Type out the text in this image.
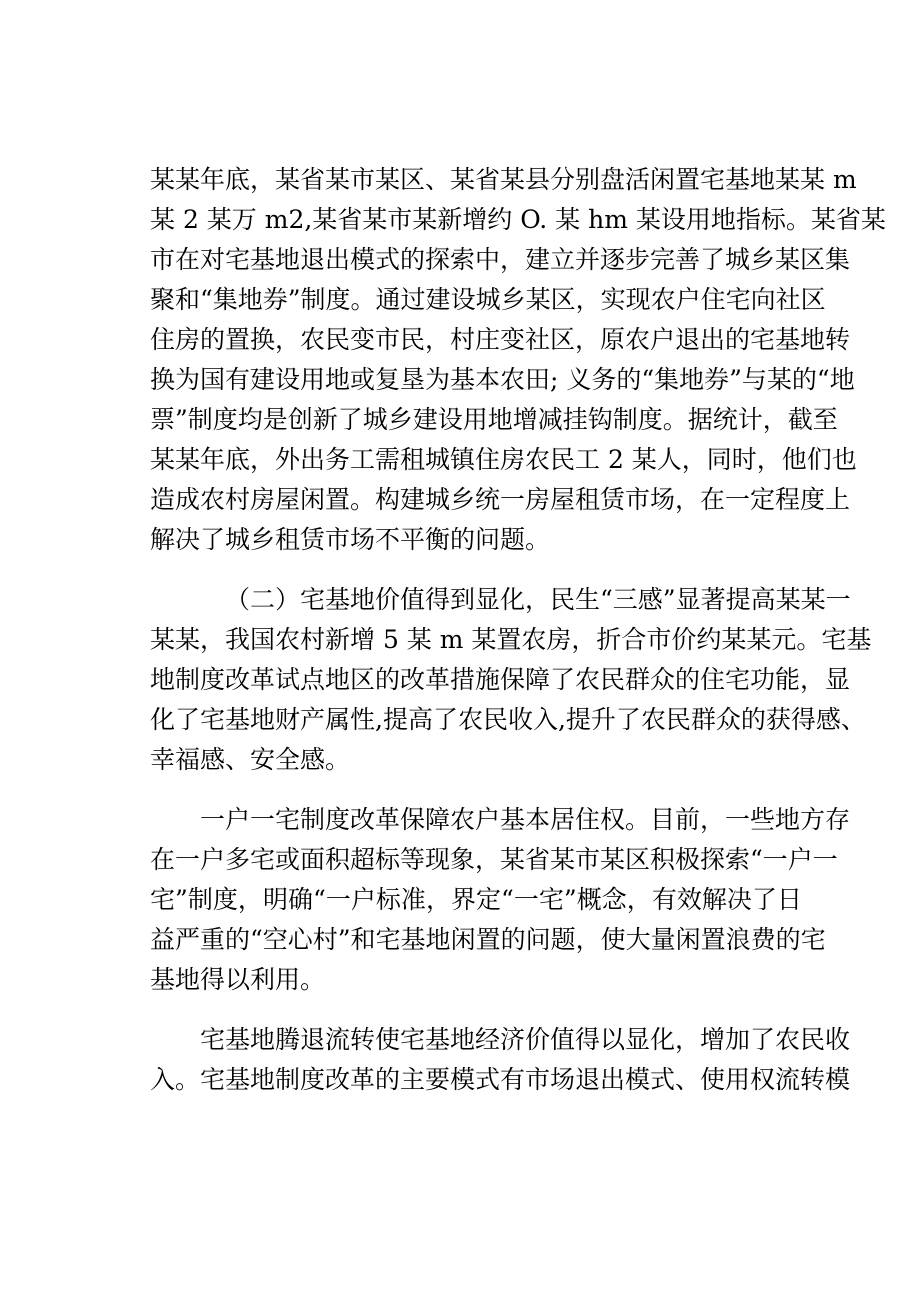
某某年底，某省某市某区、某省某县分别盘活闲置宅基地某某 m
某 2 某万 m2,某省某市某新增约 O. 某 hm 某设用地指标。某省某
市在对宅基地退出模式的探索中，建立并逐步完善了城乡某区集
聚和“集地券”制度。通过建设城乡某区，实现农户住宅向社区
住房的置换，农民变市民，村庄变社区，原农户退出的宅基地转
换为国有建设用地或复垦为基本农田; 义务的“集地券”与某的“地
票”制度均是创新了城乡建设用地增减挂钩制度。据统计，截至
某某年底，外出务工需租城镇住房农民工 2 某人，同时，他们也
造成农村房屋闲置。构建城乡统一房屋租赁市场，在一定程度上
解决了城乡租赁市场不平衡的问题。
（二）宅基地价值得到显化，民生“三感”显著提高某某一
某某，我国农村新增 5 某 m 某置农房，折合市价约某某元。宅基
地制度改革试点地区的改革措施保障了农民群众的住宅功能，显
化了宅基地财产属性,提高了农民收入,提升了农民群众的获得感、
幸福感、安全感。
一户一宅制度改革保障农户基本居住权。目前，一些地方存
在一户多宅或面积超标等现象，某省某市某区积极探索“一户一
宅”制度，明确“一户标准，界定“一宅”概念，有效解决了日
益严重的“空心村”和宅基地闲置的问题，使大量闲置浪费的宅
基地得以利用。
宅基地腾退流转使宅基地经济价值得以显化，增加了农民收
入。宅基地制度改革的主要模式有市场退出模式、使用权流转模
